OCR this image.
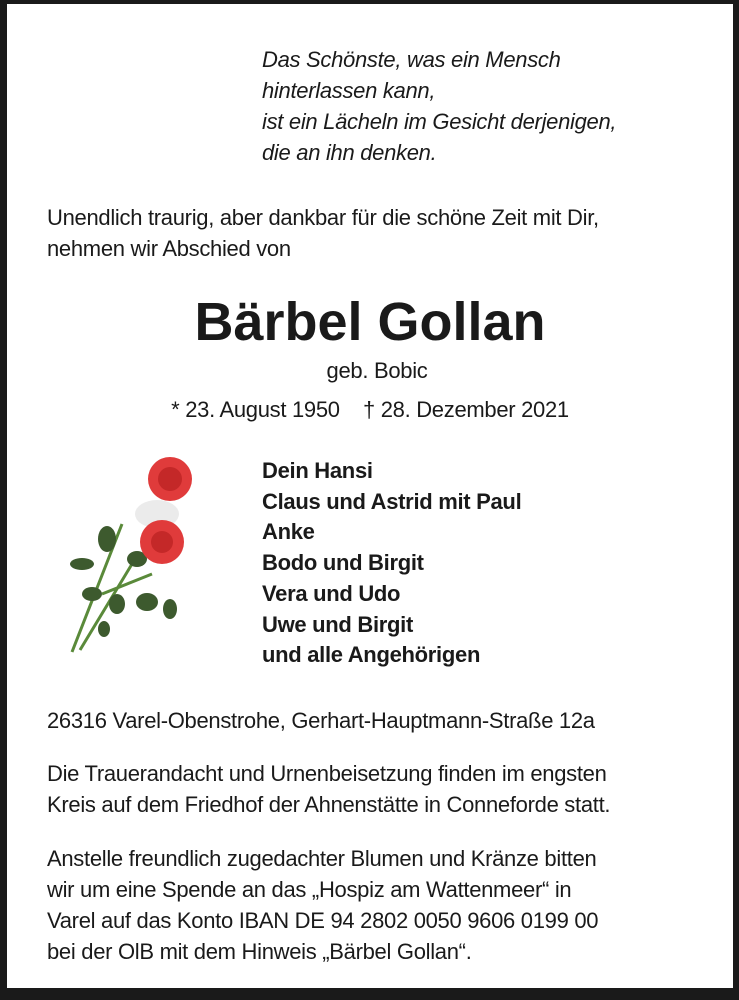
Das Schönste, was ein Mensch
hinterlassen kann,
ist ein Lächeln im Gesicht derjenigen,
die an ihn denken.
Unendlich traurig, aber dankbar für die schöne Zeit mit Dir,
nehmen wir Abschied von
Bärbel Gollan
geb. Bobic
* 23. August 1950    † 28. Dezember 2021
Dein Hansi
Claus und Astrid mit Paul
Anke
Bodo und Birgit
Vera und Udo
Uwe und Birgit
und alle Angehörigen
26316 Varel-Obenstrohe, Gerhart-Hauptmann-Straße 12a
Die Trauerandacht und Urnenbeisetzung finden im engsten
Kreis auf dem Friedhof der Ahnenstätte in Conneforde statt.
Anstelle freundlich zugedachter Blumen und Kränze bitten
wir um eine Spende an das „Hospiz am Wattenmeer“ in
Varel auf das Konto IBAN DE 94 2802 0050 9606 0199 00
bei der OlB mit dem Hinweis „Bärbel Gollan“.
